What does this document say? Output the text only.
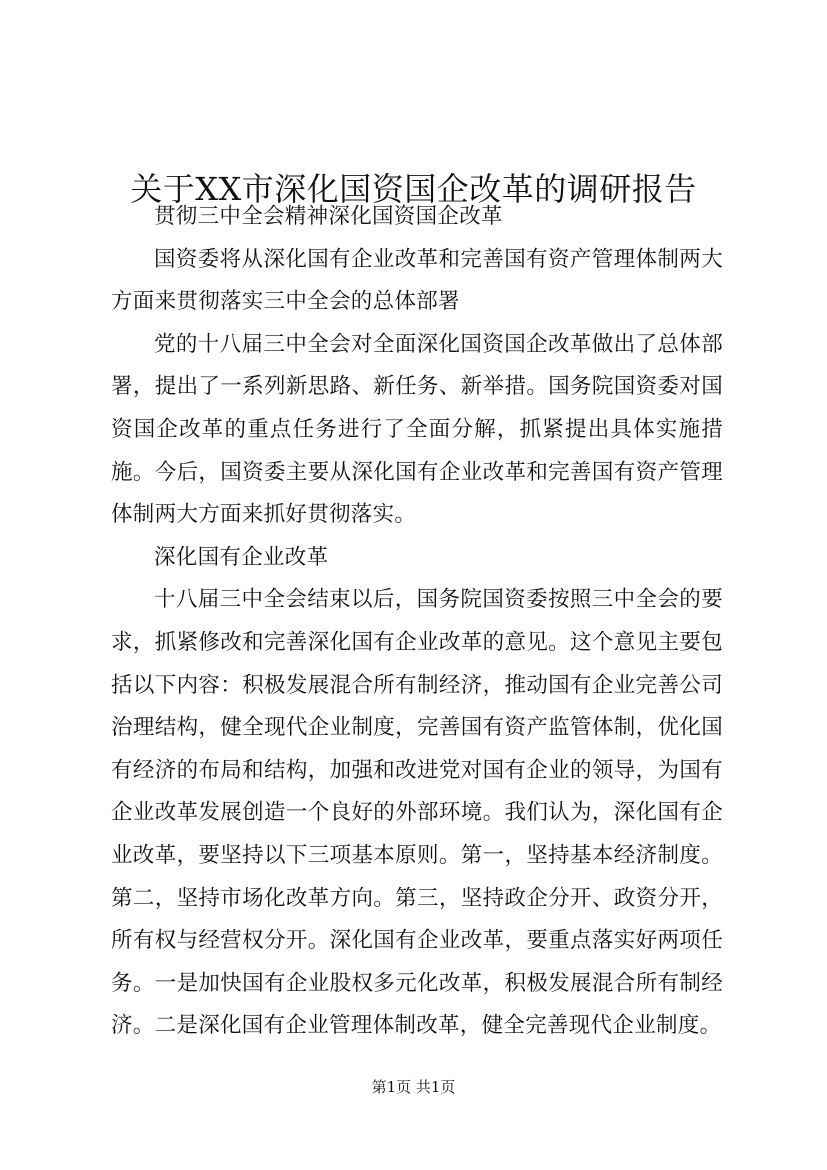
关于XX市深化国资国企改革的调研报告

贯彻三中全会精神深化国资国企改革

国资委将从深化国有企业改革和完善国有资产管理体制两大方面来贯彻落实三中全会的总体部署

党的十八届三中全会对全面深化国资国企改革做出了总体部署，提出了一系列新思路、新任务、新举措。国务院国资委对国资国企改革的重点任务进行了全面分解，抓紧提出具体实施措施。今后，国资委主要从深化国有企业改革和完善国有资产管理体制两大方面来抓好贯彻落实。

深化国有企业改革

十八届三中全会结束以后，国务院国资委按照三中全会的要求，抓紧修改和完善深化国有企业改革的意见。这个意见主要包括以下内容：积极发展混合所有制经济，推动国有企业完善公司治理结构，健全现代企业制度，完善国有资产监管体制，优化国有经济的布局和结构，加强和改进党对国有企业的领导，为国有企业改革发展创造一个良好的外部环境。我们认为，深化国有企业改革，要坚持以下三项基本原则。第一，坚持基本经济制度。第二，坚持市场化改革方向。第三，坚持政企分开、政资分开，所有权与经营权分开。深化国有企业改革，要重点落实好两项任务。一是加快国有企业股权多元化改革，积极发展混合所有制经济。二是深化国有企业管理体制改革，健全完善现代企业制度。

第1页 共1页
